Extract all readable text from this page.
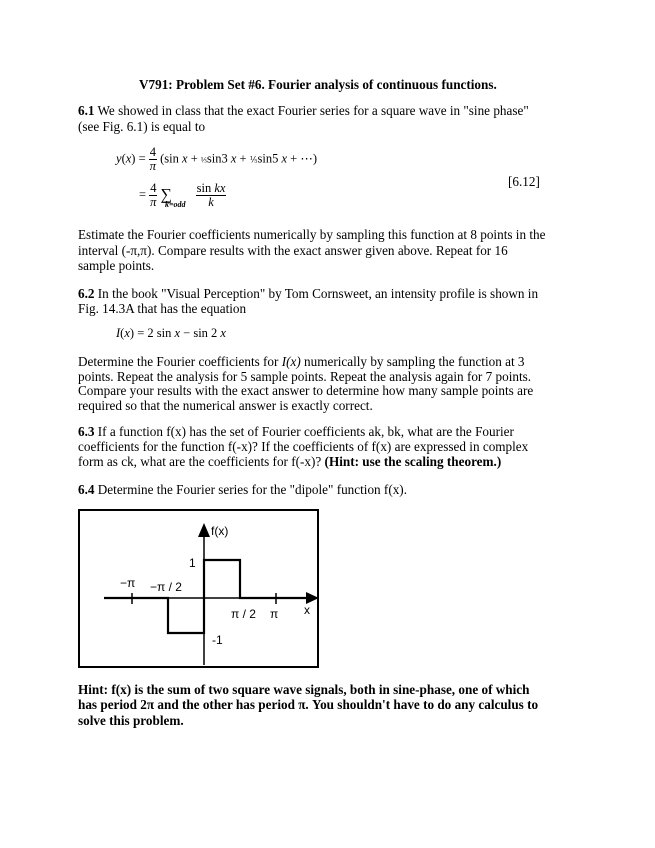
V791: Problem Set #6. Fourier analysis of continuous functions.
6.1 We showed in class that the exact Fourier series for a square wave in "sine phase"
(see Fig. 6.1) is equal to
$y(x) = \frac{4}{\pi} (\sin$ x + ⅓sin3 x + ⅕sin5 x + ⋯)
= $\frac{4}{\pi} \sum_{k=odd} \frac{\text{sin kx}}{k}$
[6.12]
Estimate the Fourier coefficients numerically by sampling this function at 8 points in the
interval (-π,π). Compare results with the exact answer given above. Repeat for 16
sample points.
6.2 In the book "Visual Perception" by Tom Cornsweet, an intensity profile is shown in
Fig. 14.3A that has the equation
I(x) = 2 sin x − sin 2 x
Determine the Fourier coefficients for I(x) numerically by sampling the function at 3
points. Repeat the analysis for 5 sample points. Repeat the analysis again for 7 points.
Compare your results with the exact answer to determine how many sample points are
required so that the numerical answer is exactly correct.
6.3 If a function f(x) has the set of Fourier coefficients ak, bk, what are the Fourier
coefficients for the function f(-x)? If the coefficients of f(x) are expressed in complex
form as ck, what are the coefficients for f(-x)? (Hint: use the scaling theorem.)
6.4 Determine the Fourier series for the "dipole" function f(x).
f(x)
x
1
-1
−π −π / 2
π / 2 π
Hint: f(x) is the sum of two square wave signals, both in sine-phase, one of which
has period 2π and the other has period π. You shouldn't have to do any calculus to
solve this problem.
